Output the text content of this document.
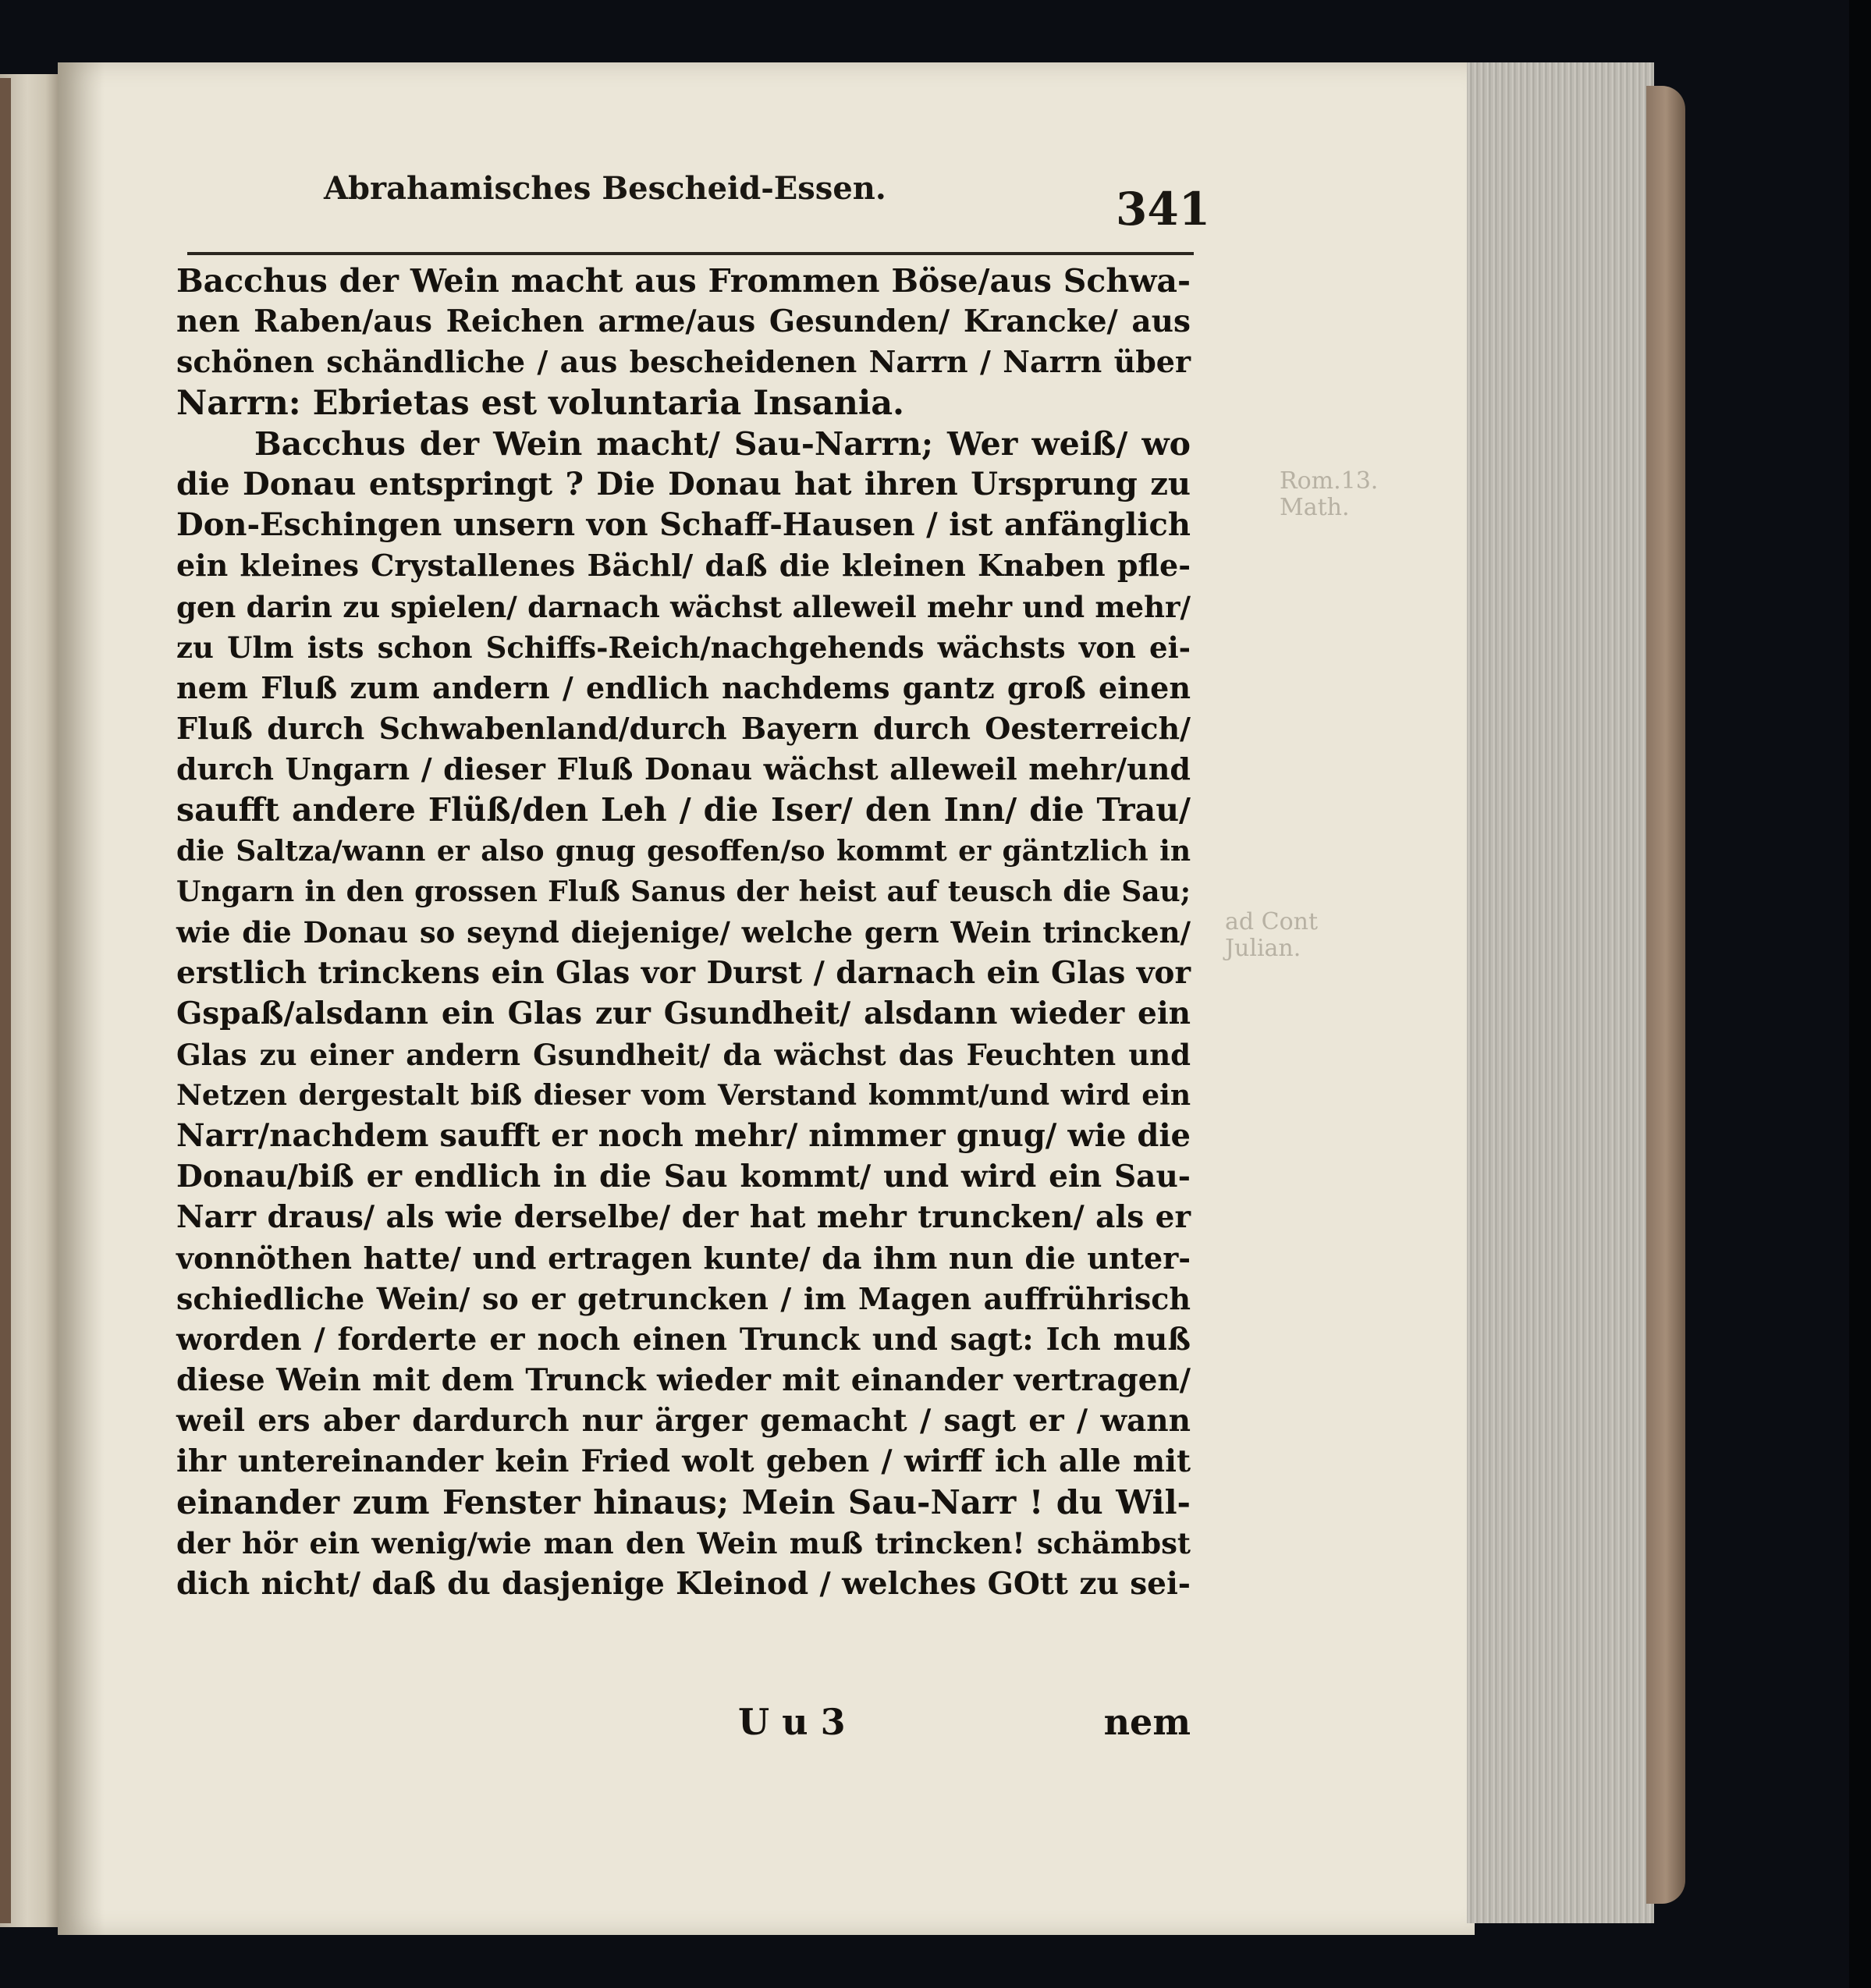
Rom.13.
Math.
ad Cont
Julian.
Abrahamisches Bescheid-Essen.	341
Bacchus der Wein macht aus Frommen Böse/aus Schwa-
nen Raben/aus Reichen arme/aus Gesunden/ Krancke/ aus
schönen schändliche / aus bescheidenen Narrn / Narrn über
Narrn: Ebrietas est voluntaria Insania.
Bacchus der Wein macht/ Sau-Narrn; Wer weiß/ wo
die Donau entspringt ? Die Donau hat ihren Ursprung zu
Don-Eschingen unsern von Schaff-Hausen / ist anfänglich
ein kleines Crystallenes Bächl/ daß die kleinen Knaben pfle-
gen darin zu spielen/ darnach wächst alleweil mehr und mehr/
zu Ulm ists schon Schiffs-Reich/nachgehends wächsts von ei-
nem Fluß zum andern / endlich nachdems gantz groß einen
Fluß durch Schwabenland/durch Bayern durch Oesterreich/
durch Ungarn / dieser Fluß Donau wächst alleweil mehr/und
saufft andere Flüß/den Leh / die Iser/ den Inn/ die Trau/
die Saltza/wann er also gnug gesoffen/so kommt er gäntzlich in
Ungarn in den grossen Fluß Sanus der heist auf teusch die Sau;
wie die Donau so seynd diejenige/ welche gern Wein trincken/
erstlich trinckens ein Glas vor Durst / darnach ein Glas vor
Gspaß/alsdann ein Glas zur Gsundheit/ alsdann wieder ein
Glas zu einer andern Gsundheit/ da wächst das Feuchten und
Netzen dergestalt biß dieser vom Verstand kommt/und wird ein
Narr/nachdem saufft er noch mehr/ nimmer gnug/ wie die
Donau/biß er endlich in die Sau kommt/ und wird ein Sau-
Narr draus/ als wie derselbe/ der hat mehr truncken/ als er
vonnöthen hatte/ und ertragen kunte/ da ihm nun die unter-
schiedliche Wein/ so er getruncken / im Magen auffrührisch
worden / forderte er noch einen Trunck und sagt: Ich muß
diese Wein mit dem Trunck wieder mit einander vertragen/
weil ers aber dardurch nur ärger gemacht / sagt er / wann
ihr untereinander kein Fried wolt geben / wirff ich alle mit
einander zum Fenster hinaus; Mein Sau-Narr ! du Wil-
der hör ein wenig/wie man den Wein muß trincken! schämbst
dich nicht/ daß du dasjenige Kleinod / welches GOtt zu sei-
U u 3	nem
